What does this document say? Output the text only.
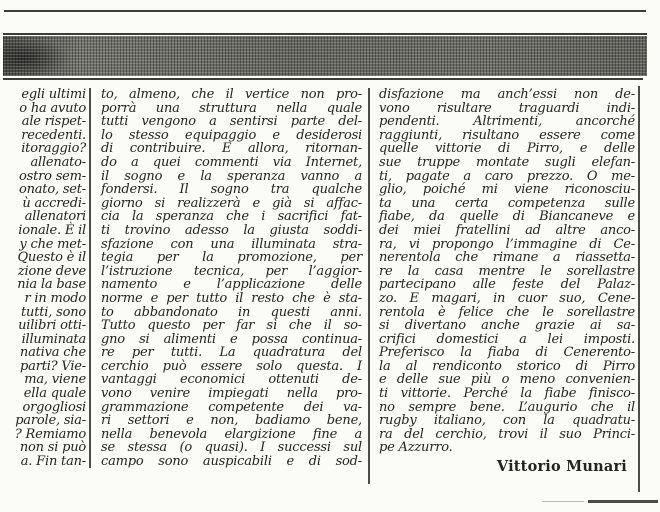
egli ultimi
o ha avuto
ale rispet-
recedenti.
itoraggio?
allenato-
ostro sem-
onato, set-
ù accredi-
allenatori
ionale. È il
y che met-
Questo è il
zione deve
nia la base
r in modo
tutti, sono
uilibri otti-
illuminata
nativa che
parti? Vie-
ma, viene
ella quale
orgogliosi
parole, sia-
? Remiamo
non si può
a. Fin tan-
to, almeno, che il vertice non pro-
porrà una struttura nella quale
tutti vengono a sentirsi parte del-
lo stesso equipaggio e desiderosi
di contribuire. E allora, ritornan-
do a quei commenti via Internet,
il sogno e la speranza vanno a
fondersi. Il sogno tra qualche
giorno si realizzerà e già si affac-
cia la speranza che i sacrifici fat-
ti trovino adesso la giusta soddi-
sfazione con una illuminata stra-
tegia per la promozione, per
l’istruzione tecnica, per l’aggior-
namento e l’applicazione delle
norme e per tutto il resto che è sta-
to abbandonato in questi anni.
Tutto questo per far sì che il so-
gno si alimenti e possa continua-
re per tutti. La quadratura del
cerchio può essere solo questa. I
vantaggi economici ottenuti de-
vono venire impiegati nella pro-
grammazione competente dei va-
ri settori e non, badiamo bene,
nella benevola elargizione fine a
se stessa (o quasi). I successi sul
campo sono auspicabili e di sod-
disfazione ma anch’essi non de-
vono risultare traguardi indi-
pendenti. Altrimenti, ancorché
raggiunti, risultano essere come
quelle vittorie di Pirro, e delle
sue truppe montate sugli elefan-
ti, pagate a caro prezzo. O me-
glio, poiché mi viene riconosciu-
ta una certa competenza sulle
fiabe, da quelle di Biancaneve e
dei miei fratellini ad altre anco-
ra, vi propongo l’immagine di Ce-
nerentola che rimane a riassetta-
re la casa mentre le sorellastre
partecipano alle feste del Palaz-
zo. E magari, in cuor suo, Cene-
rentola è felice che le sorellastre
si divertano anche grazie ai sa-
crifici domestici a lei imposti.
Preferisco la fiaba di Cenerento-
la al rendiconto storico di Pirro
e delle sue più o meno convenien-
ti vittorie. Perché la fiabe finisco-
no sempre bene. L’augurio che il
rugby italiano, con la quadratu-
ra del cerchio, trovi il suo Princi-
pe Azzurro.
Vittorio Munari
